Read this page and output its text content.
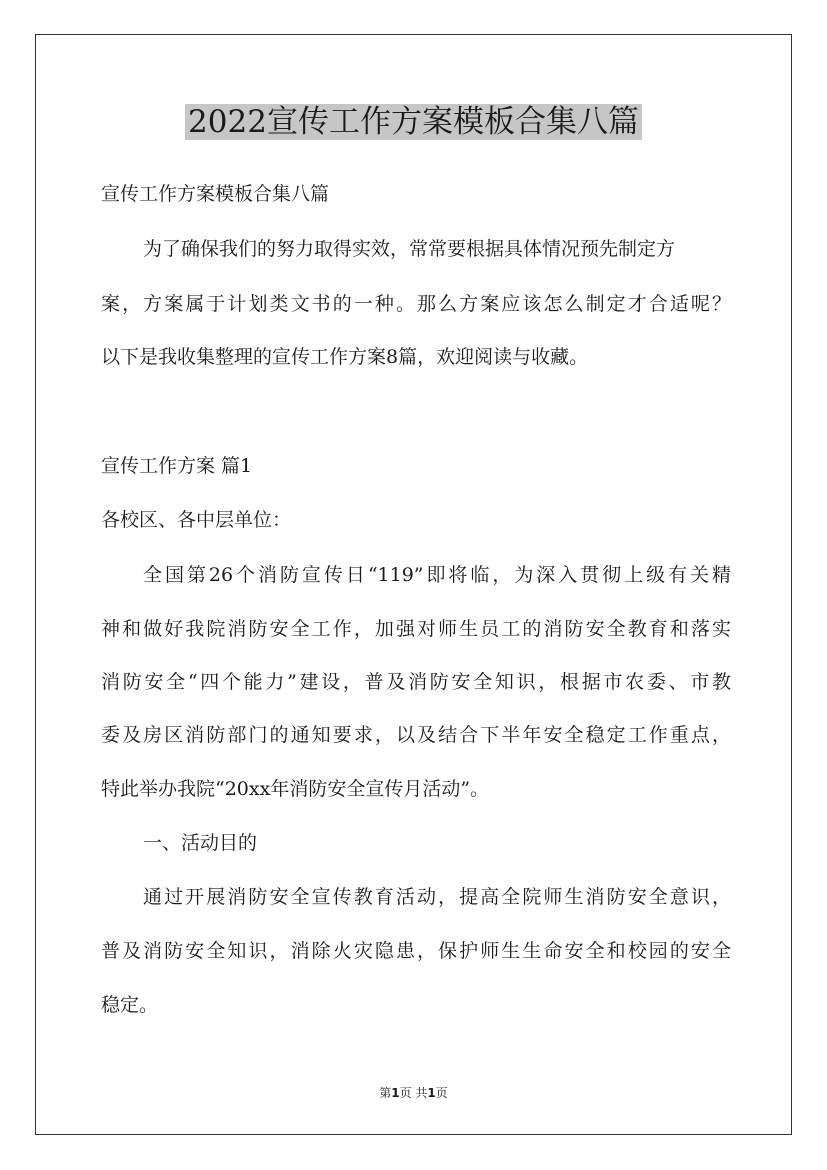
2022宣传工作方案模板合集八篇

宣传工作方案模板合集八篇

为了确保我们的努力取得实效，常常要根据具体情况预先制定方

案，方案属于计划类文书的一种。那么方案应该怎么制定才合适呢？

以下是我收集整理的宣传工作方案8篇，欢迎阅读与收藏。

宣传工作方案 篇1

各校区、各中层单位：

全国第26个消防宣传日“119”即将临，为深入贯彻上级有关精

神和做好我院消防安全工作，加强对师生员工的消防安全教育和落实

消防安全“四个能力”建设，普及消防安全知识，根据市农委、市教

委及房区消防部门的通知要求，以及结合下半年安全稳定工作重点，

特此举办我院“20xx年消防安全宣传月活动”。

一、活动目的

通过开展消防安全宣传教育活动，提高全院师生消防安全意识，

普及消防安全知识，消除火灾隐患，保护师生生命安全和校园的安全

稳定。

第1页 共1页
